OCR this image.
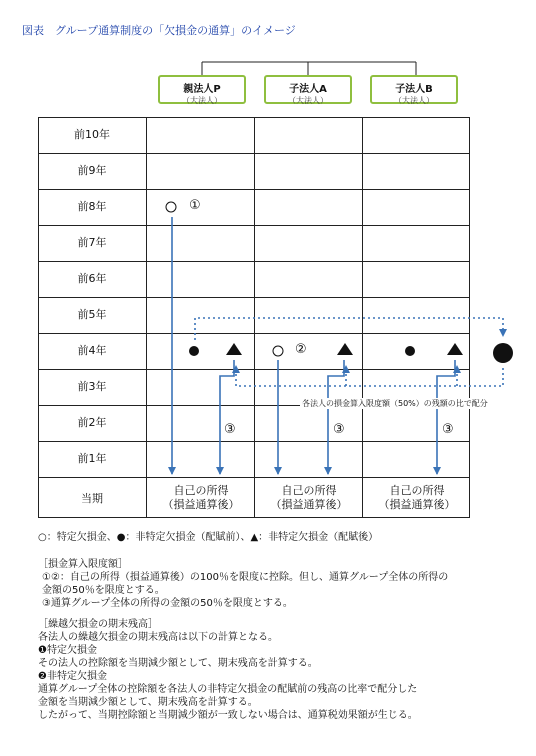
図表　グループ通算制度の「欠損金の通算」のイメージ
親法人P
（大法人）
子法人A
（大法人）
子法人B
（大法人）
前10年
前9年
前8年
前7年
前6年
前5年
前4年
前3年
前2年
前1年
当期
自己の所得
（損益通算後）
自己の所得
（損益通算後）
自己の所得
（損益通算後）
①
②
③	③	③
各法人の損金算入限度額（50%）の残額の比で配分
○：特定欠損金、●：非特定欠損金（配賦前）、▲：非特定欠損金（配賦後）

［損金算入限度額］

①②：自己の所得（損益通算後）の100％を限度に控除。但し、通算グループ全体の所得の

金額の50％を限度とする。

③通算グループ全体の所得の金額の50％を限度とする。

［繰越欠損金の期末残高］

各法人の繰越欠損金の期末残高は以下の計算となる。

❶特定欠損金

その法人の控除額を当期減少額として、期末残高を計算する。

❷非特定欠損金

通算グループ全体の控除額を各法人の非特定欠損金の配賦前の残高の比率で配分した

金額を当期減少額として、期末残高を計算する。

したがって、当期控除額と当期減少額が一致しない場合は、通算税効果額が生じる。
